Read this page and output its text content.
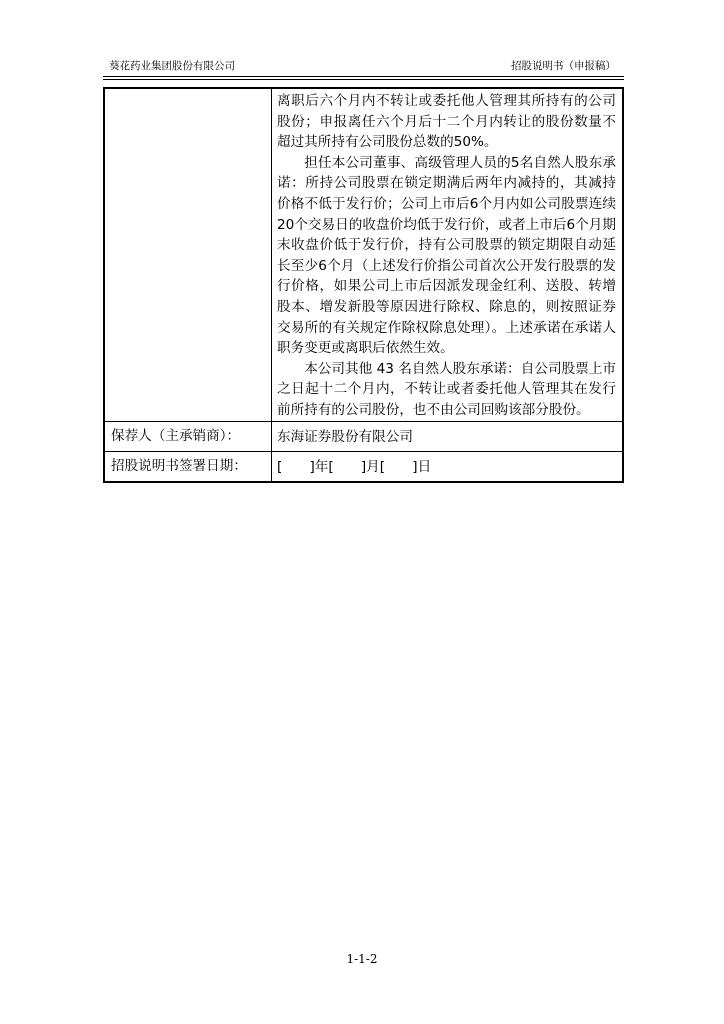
葵花药业集团股份有限公司	招股说明书（申报稿）

	离职后六个月内不转让或委托他人管理其所持有的公司股份；申报离任六个月后十二个月内转让的股份数量不超过其所持有公司股份总数的50%。

担任本公司董事、高级管理人员的5名自然人股东承诺：所持公司股票在锁定期满后两年内减持的，其减持价格不低于发行价；公司上市后6个月内如公司股票连续20个交易日的收盘价均低于发行价，或者上市后6个月期末收盘价低于发行价，持有公司股票的锁定期限自动延长至少6个月（上述发行价指公司首次公开发行股票的发行价格，如果公司上市后因派发现金红利、送股、转增股本、增发新股等原因进行除权、除息的，则按照证券交易所的有关规定作除权除息处理）。上述承诺在承诺人职务变更或离职后依然生效。

本公司其他 43 名自然人股东承诺：自公司股票上市之日起十二个月内，不转让或者委托他人管理其在发行前所持有的公司股份，也不由公司回购该部分股份。

保荐人（主承销商）：	东海证券股份有限公司
招股说明书签署日期：	[　　]年[　　]月[　　]日
1-1-2
